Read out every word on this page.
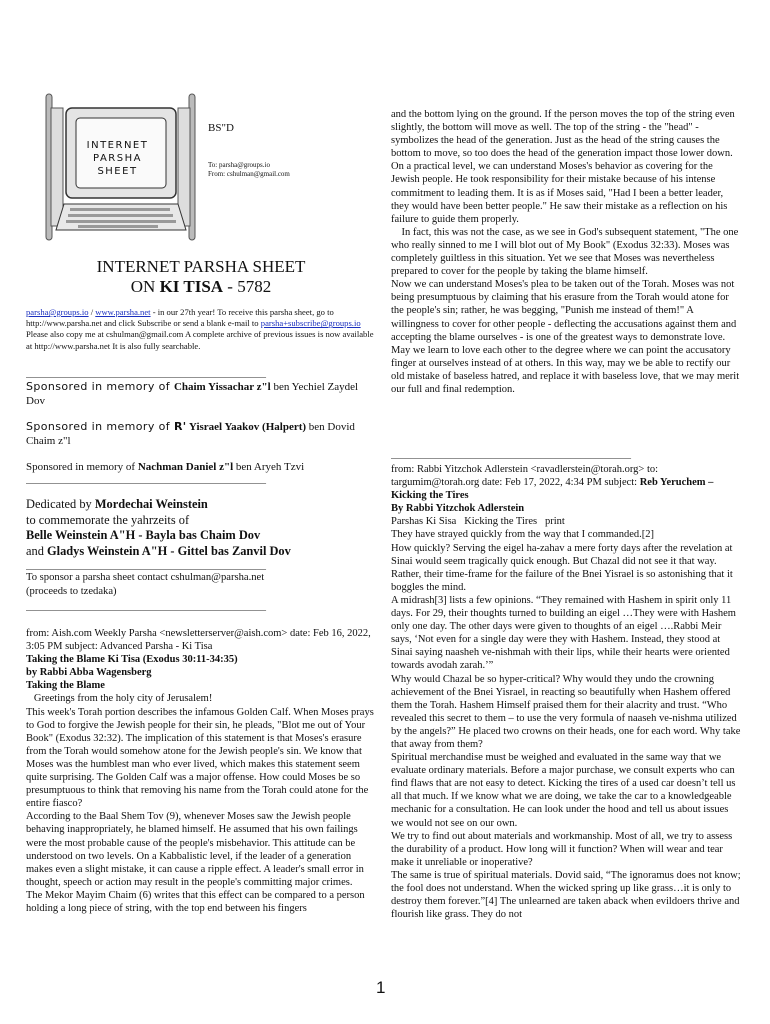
INTERNET
PARSHA
SHEET
BS"D
To: parsha@groups.io
From: cshulman@gmail.com
INTERNET PARSHA SHEET
ON KI TISA - 5782
parsha@groups.io / www.parsha.net - in our 27th year! To receive this parsha sheet, go to http://www.parsha.net and click Subscribe or send a blank e-mail to parsha+subscribe@groups.io Please also copy me at cshulman@gmail.com A complete archive of previous issues is now available at http://www.parsha.net It is also fully searchable.
________________________________________________
Sponsored in memory of Chaim Yissachar z"l ben Yechiel Zaydel Dov
Sponsored in memory of R' Yisrael Yaakov (Halpert) ben Dovid Chaim z"l
Sponsored in memory of Nachman Daniel z"l ben Aryeh Tzvi
________________________________________________
Dedicated by Mordechai Weinstein
to commemorate the yahrzeits of
Belle Weinstein A"H - Bayla bas Chaim Dov
and Gladys Weinstein A"H - Gittel bas Zanvil Dov
________________________________________________
To sponsor a parsha sheet contact cshulman@parsha.net
(proceeds to tzedaka)
________________________________________________

from: Aish.com Weekly Parsha <newsletterserver@aish.com> date: Feb 16, 2022, 3:05 PM subject: Advanced Parsha - Ki Tisa

Taking the Blame Ki Tisa (Exodus 30:11-34:35)

by Rabbi Abba Wagensberg

Taking the Blame

Greetings from the holy city of Jerusalem!

This week's Torah portion describes the infamous Golden Calf. When Moses prays to God to forgive the Jewish people for their sin, he pleads, "Blot me out of Your Book" (Exodus 32:32). The implication of this statement is that Moses's erasure from the Torah would somehow atone for the Jewish people's sin. We know that Moses was the humblest man who ever lived, which makes this statement seem quite surprising. The Golden Calf was a major offense. How could Moses be so presumptuous to think that removing his name from the Torah could atone for the entire fiasco?

According to the Baal Shem Tov (9), whenever Moses saw the Jewish people behaving inappropriately, he blamed himself. He assumed that his own failings were the most probable cause of the people's misbehavior. This attitude can be understood on two levels. On a Kabbalistic level, if the leader of a generation makes even a slight mistake, it can cause a ripple effect. A leader's small error in thought, speech or action may result in the people's committing major crimes.

The Mekor Mayim Chaim (6) writes that this effect can be compared to a person holding a long piece of string, with the top end between his fingers

and the bottom lying on the ground. If the person moves the top of the string even slightly, the bottom will move as well. The top of the string - the "head" - symbolizes the head of the generation. Just as the head of the string causes the bottom to move, so too does the head of the generation impact those lower down.

On a practical level, we can understand Moses's behavior as covering for the Jewish people. He took responsibility for their mistake because of his intense commitment to leading them. It is as if Moses said, "Had I been a better leader, they would have been better people." He saw their mistake as a reflection on his failure to guide them properly.

In fact, this was not the case, as we see in God's subsequent statement, "The one who really sinned to me I will blot out of My Book" (Exodus 32:33). Moses was completely guiltless in this situation. Yet we see that Moses was nevertheless prepared to cover for the people by taking the blame himself.

Now we can understand Moses's plea to be taken out of the Torah. Moses was not being presumptuous by claiming that his erasure from the Torah would atone for the people's sin; rather, he was begging, "Punish me instead of them!" A willingness to cover for other people - deflecting the accusations against them and accepting the blame ourselves - is one of the greatest ways to demonstrate love.

May we learn to love each other to the degree where we can point the accusatory finger at ourselves instead of at others. In this way, may we be able to rectify our old mistake of baseless hatred, and replace it with baseless love, that we may merit our full and final redemption.

________________________________________________

from: Rabbi Yitzchok Adlerstein <ravadlerstein@torah.org> to: targumim@torah.org date: Feb 17, 2022, 4:34 PM subject: Reb Yeruchem –

Kicking the Tires

By Rabbi Yitzchok Adlerstein

Parshas Ki Sisa   Kicking the Tires   print

They have strayed quickly from the way that I commanded.[2]

How quickly? Serving the eigel ha-zahav a mere forty days after the revelation at Sinai would seem tragically quick enough. But Chazal did not see it that way. Rather, their time-frame for the failure of the Bnei Yisrael is so astonishing that it boggles the mind.

A midrash[3] lists a few opinions. “They remained with Hashem in spirit only 11 days. For 29, their thoughts turned to building an eigel …They were with Hashem only one day. The other days were given to thoughts of an eigel ….Rabbi Meir says, ‘Not even for a single day were they with Hashem. Instead, they stood at Sinai saying naasheh ve-nishmah with their lips, while their hearts were oriented towards avodah zarah.’”

Why would Chazal be so hyper-critical? Why would they undo the crowning achievement of the Bnei Yisrael, in reacting so beautifully when Hashem offered them the Torah. Hashem Himself praised them for their alacrity and trust. “Who revealed this secret to them – to use the very formula of naaseh ve-nishma utilized by the angels?” He placed two crowns on their heads, one for each word. Why take that away from them?

Spiritual merchandise must be weighed and evaluated in the same way that we evaluate ordinary materials. Before a major purchase, we consult experts who can find flaws that are not easy to detect. Kicking the tires of a used car doesn’t tell us all that much. If we know what we are doing, we take the car to a knowledgeable mechanic for a consultation. He can look under the hood and tell us about issues we would not see on our own.

We try to find out about materials and workmanship. Most of all, we try to assess the durability of a product. How long will it function? When will wear and tear make it unreliable or inoperative?

The same is true of spiritual materials. Dovid said, “The ignoramus does not know; the fool does not understand. When the wicked spring up like grass…it is only to destroy them forever.”[4] The unlearned are taken aback when evildoers thrive and flourish like grass. They do not

1
